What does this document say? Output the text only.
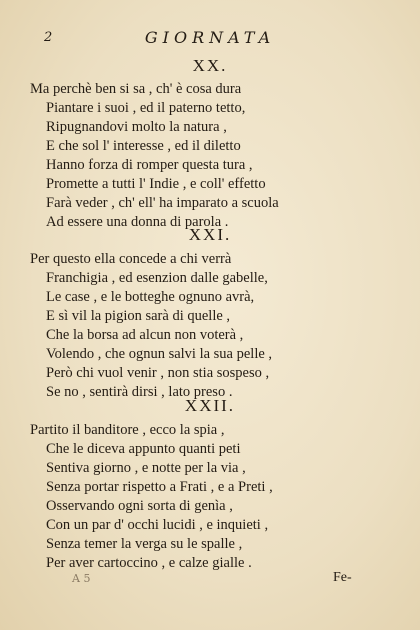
2	GIORNATA
XX.
Ma perchè ben si sa , ch' è cosa dura
Piantare i suoi , ed il paterno tetto,
Ripugnandovi molto la natura ,
E che sol l' interesse , ed il diletto
Hanno forza di romper questa tura ,
Promette a tutti l' Indie , e coll' effetto
Farà veder , ch' ell' ha imparato a scuola
Ad essere una donna di parola .
XXI.
Per questo ella concede a chi verrà
Franchigia , ed esenzion dalle gabelle,
Le case , e le botteghe ognuno avrà,
E sì vil la pigion sarà di quelle ,
Che la borsa ad alcun non voterà ,
Volendo , che ognun salvi la sua pelle ,
Però chi vuol venir , non stia sospeso ,
Se no , sentirà dirsi , lato preso .
XXII.
Partito il banditore , ecco la spia ,
Che le diceva appunto quanti peti
Sentiva giorno , e notte per la via ,
Senza portar rispetto a Frati , e a Preti ,
Osservando ogni sorta di genìa ,
Con un par d' occhi lucidi , e inquieti ,
Senza temer la verga su le spalle ,
Per aver cartoccino , e calze gialle .
A 5	Fe-
